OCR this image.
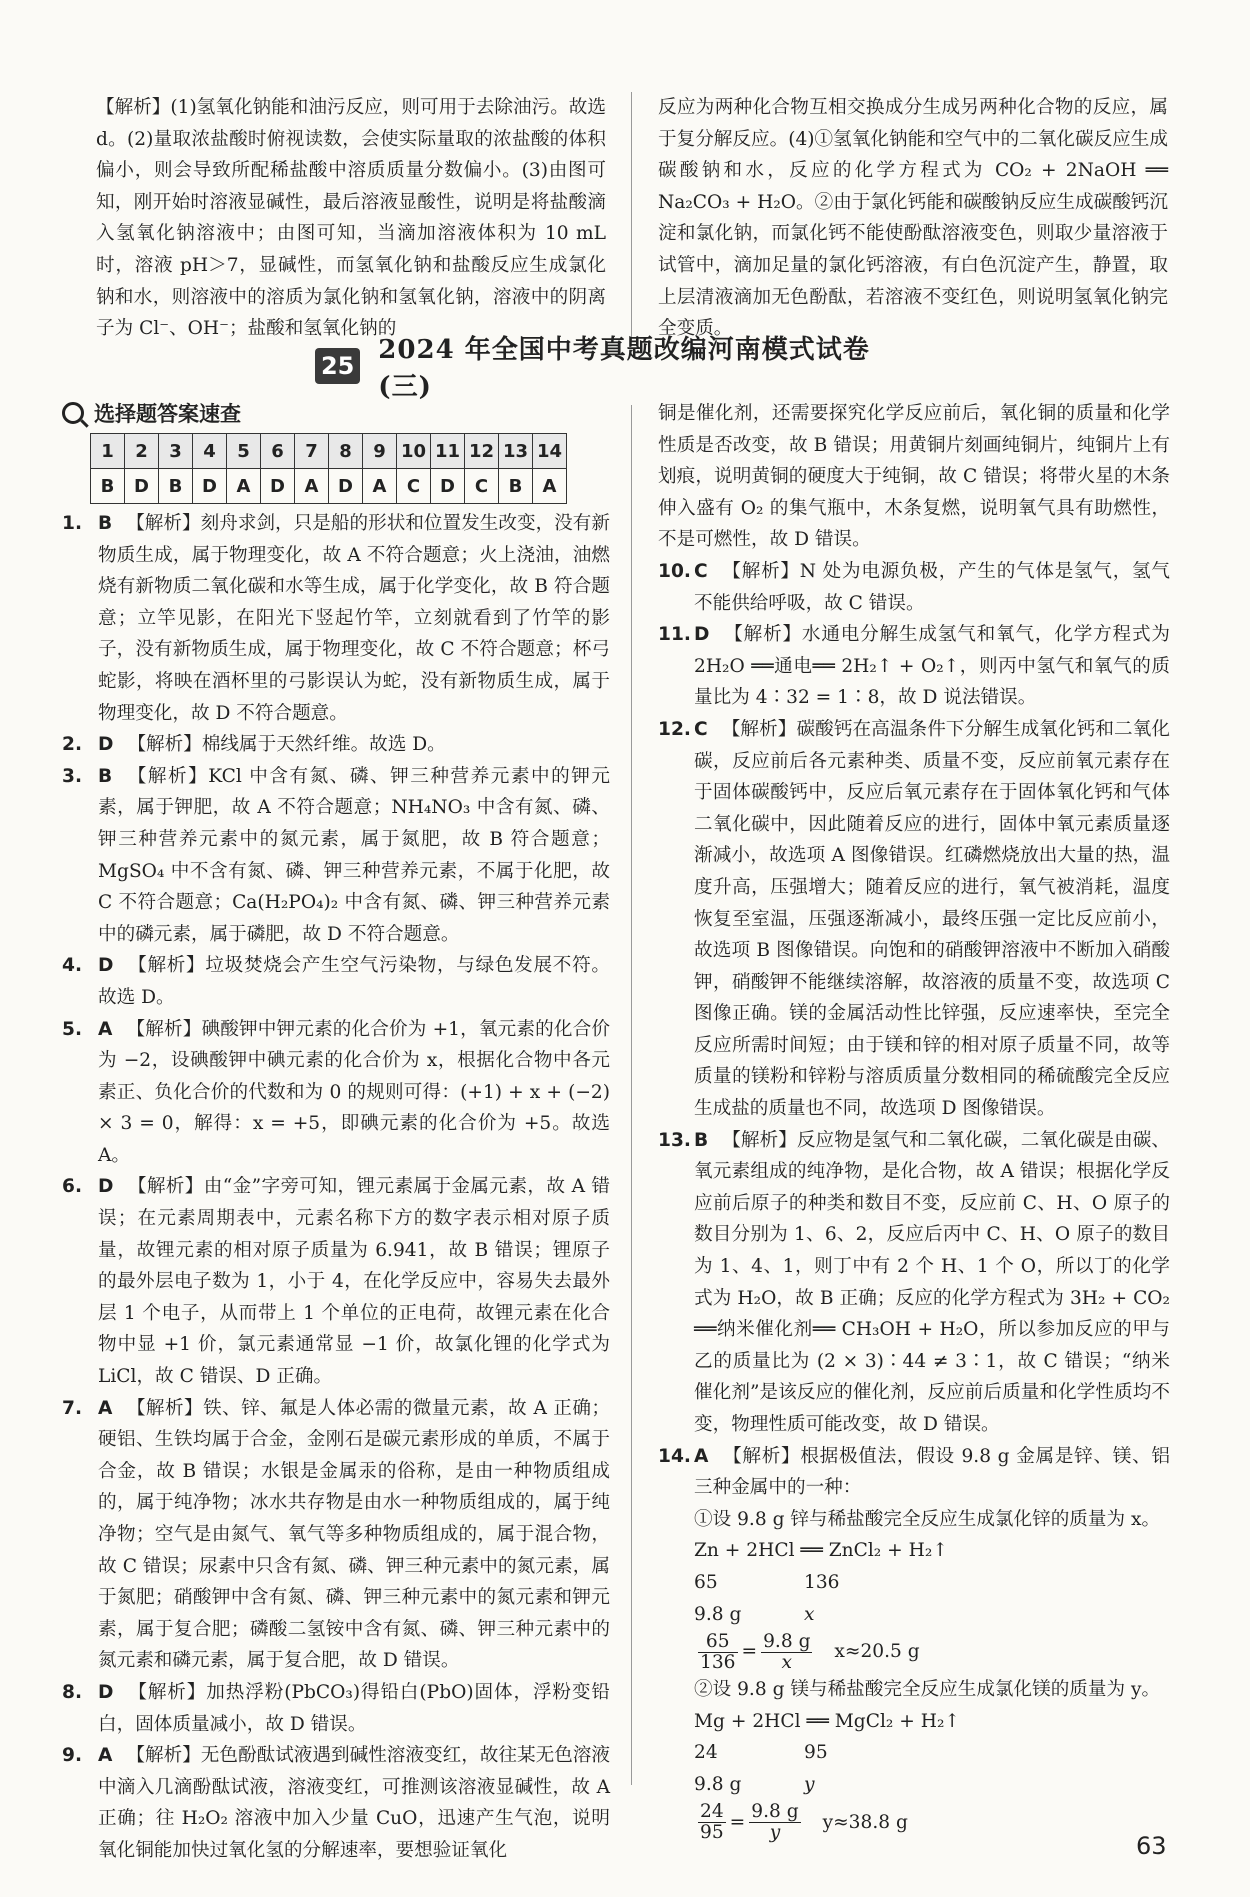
【解析】(1)氢氧化钠能和油污反应，则可用于去除油污。故选 d。(2)量取浓盐酸时俯视读数，会使实际量取的浓盐酸的体积偏小，则会导致所配稀盐酸中溶质质量分数偏小。(3)由图可知，刚开始时溶液显碱性，最后溶液显酸性，说明是将盐酸滴入氢氧化钠溶液中；由图可知，当滴加溶液体积为 10 mL 时，溶液 pH＞7，显碱性，而氢氧化钠和盐酸反应生成氯化钠和水，则溶液中的溶质为氯化钠和氢氧化钠，溶液中的阴离子为 Cl⁻、OH⁻；盐酸和氢氧化钠的

反应为两种化合物互相交换成分生成另两种化合物的反应，属于复分解反应。(4)①氢氧化钠能和空气中的二氧化碳反应生成碳酸钠和水，反应的化学方程式为 CO₂ + 2NaOH ══ Na₂CO₃ + H₂O。②由于氯化钙能和碳酸钠反应生成碳酸钙沉淀和氯化钠，而氯化钙不能使酚酞溶液变色，则取少量溶液于试管中，滴加足量的氯化钙溶液，有白色沉淀产生，静置，取上层清液滴加无色酚酞，若溶液不变红色，则说明氢氧化钠完全变质。

25
2024 年全国中考真题改编河南模式试卷(三)
选择题答案速查
1	2	3	4	5	6	7	8	9	10	11	12	13	14
B	D	B	D	A	D	A	D	A	C	D	C	B	A

1. B 【解析】刻舟求剑，只是船的形状和位置发生改变，没有新物质生成，属于物理变化，故 A 不符合题意；火上浇油，油燃烧有新物质二氧化碳和水等生成，属于化学变化，故 B 符合题意；立竿见影，在阳光下竖起竹竿，立刻就看到了竹竿的影子，没有新物质生成，属于物理变化，故 C 不符合题意；杯弓蛇影，将映在酒杯里的弓影误认为蛇，没有新物质生成，属于物理变化，故 D 不符合题意。

2. D 【解析】棉线属于天然纤维。故选 D。

3. B 【解析】KCl 中含有氮、磷、钾三种营养元素中的钾元素，属于钾肥，故 A 不符合题意；NH₄NO₃ 中含有氮、磷、钾三种营养元素中的氮元素，属于氮肥，故 B 符合题意；MgSO₄ 中不含有氮、磷、钾三种营养元素，不属于化肥，故 C 不符合题意；Ca(H₂PO₄)₂ 中含有氮、磷、钾三种营养元素中的磷元素，属于磷肥，故 D 不符合题意。

4. D 【解析】垃圾焚烧会产生空气污染物，与绿色发展不符。故选 D。

5. A 【解析】碘酸钾中钾元素的化合价为 +1，氧元素的化合价为 −2，设碘酸钾中碘元素的化合价为 x，根据化合物中各元素正、负化合价的代数和为 0 的规则可得：(+1) + x + (−2) × 3 = 0，解得：x = +5，即碘元素的化合价为 +5。故选 A。

6. D 【解析】由“金”字旁可知，锂元素属于金属元素，故 A 错误；在元素周期表中，元素名称下方的数字表示相对原子质量，故锂元素的相对原子质量为 6.941，故 B 错误；锂原子的最外层电子数为 1，小于 4，在化学反应中，容易失去最外层 1 个电子，从而带上 1 个单位的正电荷，故锂元素在化合物中显 +1 价，氯元素通常显 −1 价，故氯化锂的化学式为 LiCl，故 C 错误、D 正确。

7. A 【解析】铁、锌、氟是人体必需的微量元素，故 A 正确；硬铝、生铁均属于合金，金刚石是碳元素形成的单质，不属于合金，故 B 错误；水银是金属汞的俗称，是由一种物质组成的，属于纯净物；冰水共存物是由水一种物质组成的，属于纯净物；空气是由氮气、氧气等多种物质组成的，属于混合物，故 C 错误；尿素中只含有氮、磷、钾三种元素中的氮元素，属于氮肥；硝酸钾中含有氮、磷、钾三种元素中的氮元素和钾元素，属于复合肥；磷酸二氢铵中含有氮、磷、钾三种元素中的氮元素和磷元素，属于复合肥，故 D 错误。

8. D 【解析】加热浮粉(PbCO₃)得铅白(PbO)固体，浮粉变铅白，固体质量减小，故 D 错误。

9. A 【解析】无色酚酞试液遇到碱性溶液变红，故往某无色溶液中滴入几滴酚酞试液，溶液变红，可推测该溶液显碱性，故 A 正确；往 H₂O₂ 溶液中加入少量 CuO，迅速产生气泡，说明氧化铜能加快过氧化氢的分解速率，要想验证氧化

铜是催化剂，还需要探究化学反应前后，氧化铜的质量和化学性质是否改变，故 B 错误；用黄铜片刻画纯铜片，纯铜片上有划痕，说明黄铜的硬度大于纯铜，故 C 错误；将带火星的木条伸入盛有 O₂ 的集气瓶中，木条复燃，说明氧气具有助燃性，不是可燃性，故 D 错误。

10. C 【解析】N 处为电源负极，产生的气体是氢气，氢气不能供给呼吸，故 C 错误。

11. D 【解析】水通电分解生成氢气和氧气，化学方程式为 2H₂O ══通电══ 2H₂↑ + O₂↑，则丙中氢气和氧气的质量比为 4∶32 = 1∶8，故 D 说法错误。

12. C 【解析】碳酸钙在高温条件下分解生成氧化钙和二氧化碳，反应前后各元素种类、质量不变，反应前氧元素存在于固体碳酸钙中，反应后氧元素存在于固体氧化钙和气体二氧化碳中，因此随着反应的进行，固体中氧元素质量逐渐减小，故选项 A 图像错误。红磷燃烧放出大量的热，温度升高，压强增大；随着反应的进行，氧气被消耗，温度恢复至室温，压强逐渐减小，最终压强一定比反应前小，故选项 B 图像错误。向饱和的硝酸钾溶液中不断加入硝酸钾，硝酸钾不能继续溶解，故溶液的质量不变，故选项 C 图像正确。镁的金属活动性比锌强，反应速率快，至完全反应所需时间短；由于镁和锌的相对原子质量不同，故等质量的镁粉和锌粉与溶质质量分数相同的稀硫酸完全反应生成盐的质量也不同，故选项 D 图像错误。

13. B 【解析】反应物是氢气和二氧化碳，二氧化碳是由碳、氧元素组成的纯净物，是化合物，故 A 错误；根据化学反应前后原子的种类和数目不变，反应前 C、H、O 原子的数目分别为 1、6、2，反应后丙中 C、H、O 原子的数目为 1、4、1，则丁中有 2 个 H、1 个 O，所以丁的化学式为 H₂O，故 B 正确；反应的化学方程式为 3H₂ + CO₂ ══纳米催化剂══ CH₃OH + H₂O，所以参加反应的甲与乙的质量比为 (2 × 3)∶44 ≠ 3∶1，故 C 错误；“纳米催化剂”是该反应的催化剂，反应前后质量和化学性质均不变，物理性质可能改变，故 D 错误。

14. A 【解析】根据极值法，假设 9.8 g 金属是锌、镁、铝三种金属中的一种：

①设 9.8 g 锌与稀盐酸完全反应生成氯化锌的质量为 x。

Zn + 2HCl ══ ZnCl₂ + H₂↑

65	136

9.8 g	x

$\frac{65}{136} = \frac{9.8 g}{x} x\approx 20.5$ g

②设 9.8 g 镁与稀盐酸完全反应生成氯化镁的质量为 y。

Mg + 2HCl ══ MgCl₂ + H₂↑

24	95

9.8 g	y

$\frac{24}{95} = \frac{9.8 g}{y} y\approx 38.8$ g

63
